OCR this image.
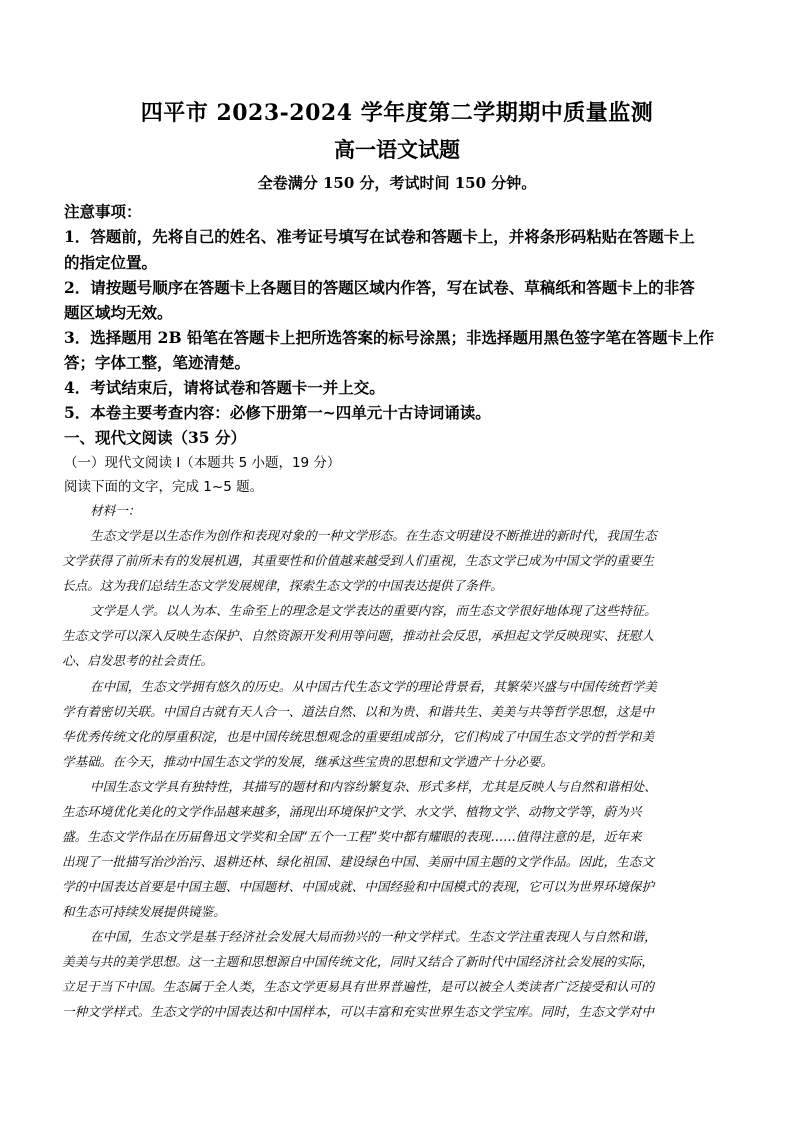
四平市 2023-2024 学年度第二学期期中质量监测
高一语文试题
全卷满分 150 分，考试时间 150 分钟。
注意事项：
1．答题前，先将自己的姓名、准考证号填写在试卷和答题卡上，并将条形码粘贴在答题卡上
的指定位置。
2．请按题号顺序在答题卡上各题目的答题区域内作答，写在试卷、草稿纸和答题卡上的非答
题区域均无效。
3．选择题用 2B 铅笔在答题卡上把所选答案的标号涂黑；非选择题用黑色签字笔在答题卡上作
答；字体工整，笔迹清楚。
4．考试结束后，请将试卷和答题卡一并上交。
5．本卷主要考查内容：必修下册第一~四单元十古诗词诵读。
一、现代文阅读（35 分）
（一）现代文阅读 I（本题共 5 小题，19 分）
阅读下面的文字，完成 1~5 题。
材料一：
生态文学是以生态作为创作和表现对象的一种文学形态。在生态文明建设不断推进的新时代，我国生态
文学获得了前所未有的发展机遇，其重要性和价值越来越受到人们重视，生态文学已成为中国文学的重要生
长点。这为我们总结生态文学发展规律，探索生态文学的中国表达提供了条件。
文学是人学。以人为本、生命至上的理念是文学表达的重要内容，而生态文学很好地体现了这些特征。
生态文学可以深入反映生态保护、自然资源开发利用等问题，推动社会反思，承担起文学反映现实、抚慰人
心、启发思考的社会责任。
在中国，生态文学拥有悠久的历史。从中国古代生态文学的理论背景看，其繁荣兴盛与中国传统哲学美
学有着密切关联。中国自古就有天人合一、道法自然、以和为贵、和谐共生、美美与共等哲学思想，这是中
华优秀传统文化的厚重积淀，也是中国传统思想观念的重要组成部分，它们构成了中国生态文学的哲学和美
学基础。在今天，推动中国生态文学的发展，继承这些宝贵的思想和文学遗产十分必要。
中国生态文学具有独特性，其描写的题材和内容纷繁复杂、形式多样，尤其是反映人与自然和谐相处、
生态环境优化美化的文学作品越来越多，涌现出环境保护文学、水文学、植物文学、动物文学等，蔚为兴
盛。生态文学作品在历届鲁迅文学奖和全国“五个一工程”奖中都有耀眼的表现……值得注意的是，近年来
出现了一批描写治沙治污、退耕还林、绿化祖国、建设绿色中国、美丽中国主题的文学作品。因此，生态文
学的中国表达首要是中国主题、中国题材、中国成就、中国经验和中国模式的表现，它可以为世界环境保护
和生态可持续发展提供镜鉴。
在中国，生态文学是基于经济社会发展大局而勃兴的一种文学样式。生态文学注重表现人与自然和谐，
美美与共的美学思想。这一主题和思想源自中国传统文化，同时又结合了新时代中国经济社会发展的实际，
立足于当下中国。生态属于全人类，生态文学更易具有世界普遍性，是可以被全人类读者广泛接受和认可的
一种文学样式。生态文学的中国表达和中国样本，可以丰富和充实世界生态文学宝库。同时，生态文学对中
